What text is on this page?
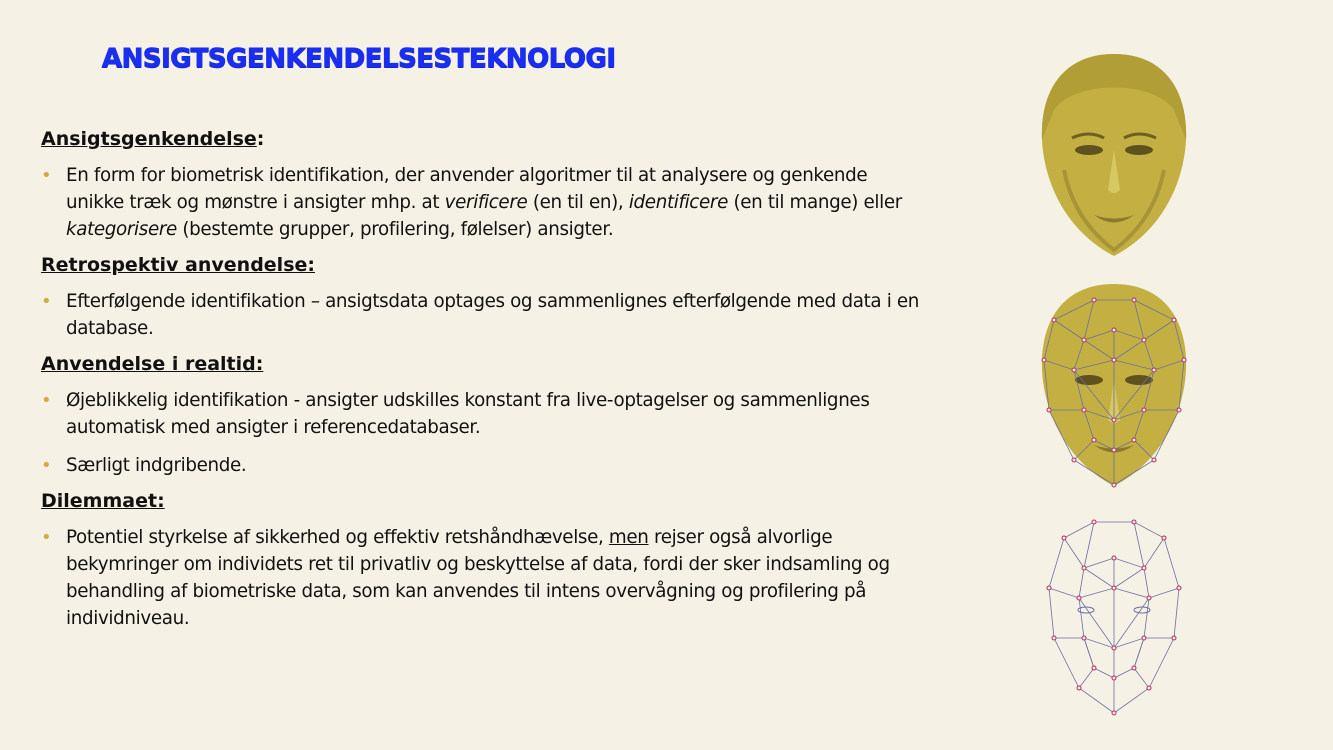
ANSIGTSGENKENDELSESTEKNOLOGI
Ansigtsgenkendelse:
• En form for biometrisk identifikation, der anvender algoritmer til at analysere og genkende unikke træk og mønstre i ansigter mhp. at verificere (en til en), identificere (en til mange) eller kategorisere (bestemte grupper, profilering, følelser) ansigter.
Retrospektiv anvendelse:
• Efterfølgende identifikation – ansigtsdata optages og sammenlignes efterfølgende med data i en database.
Anvendelse i realtid:
• Øjeblikkelig identifikation - ansigter udskilles konstant fra live-optagelser og sammenlignes automatisk med ansigter i referencedatabaser.
• Særligt indgribende.
Dilemmaet:
• Potentiel styrkelse af sikkerhed og effektiv retshåndhævelse, men rejser også alvorlige bekymringer om individets ret til privatliv og beskyttelse af data, fordi der sker indsamling og behandling af biometriske data, som kan anvendes til intens overvågning og profilering på individniveau.
